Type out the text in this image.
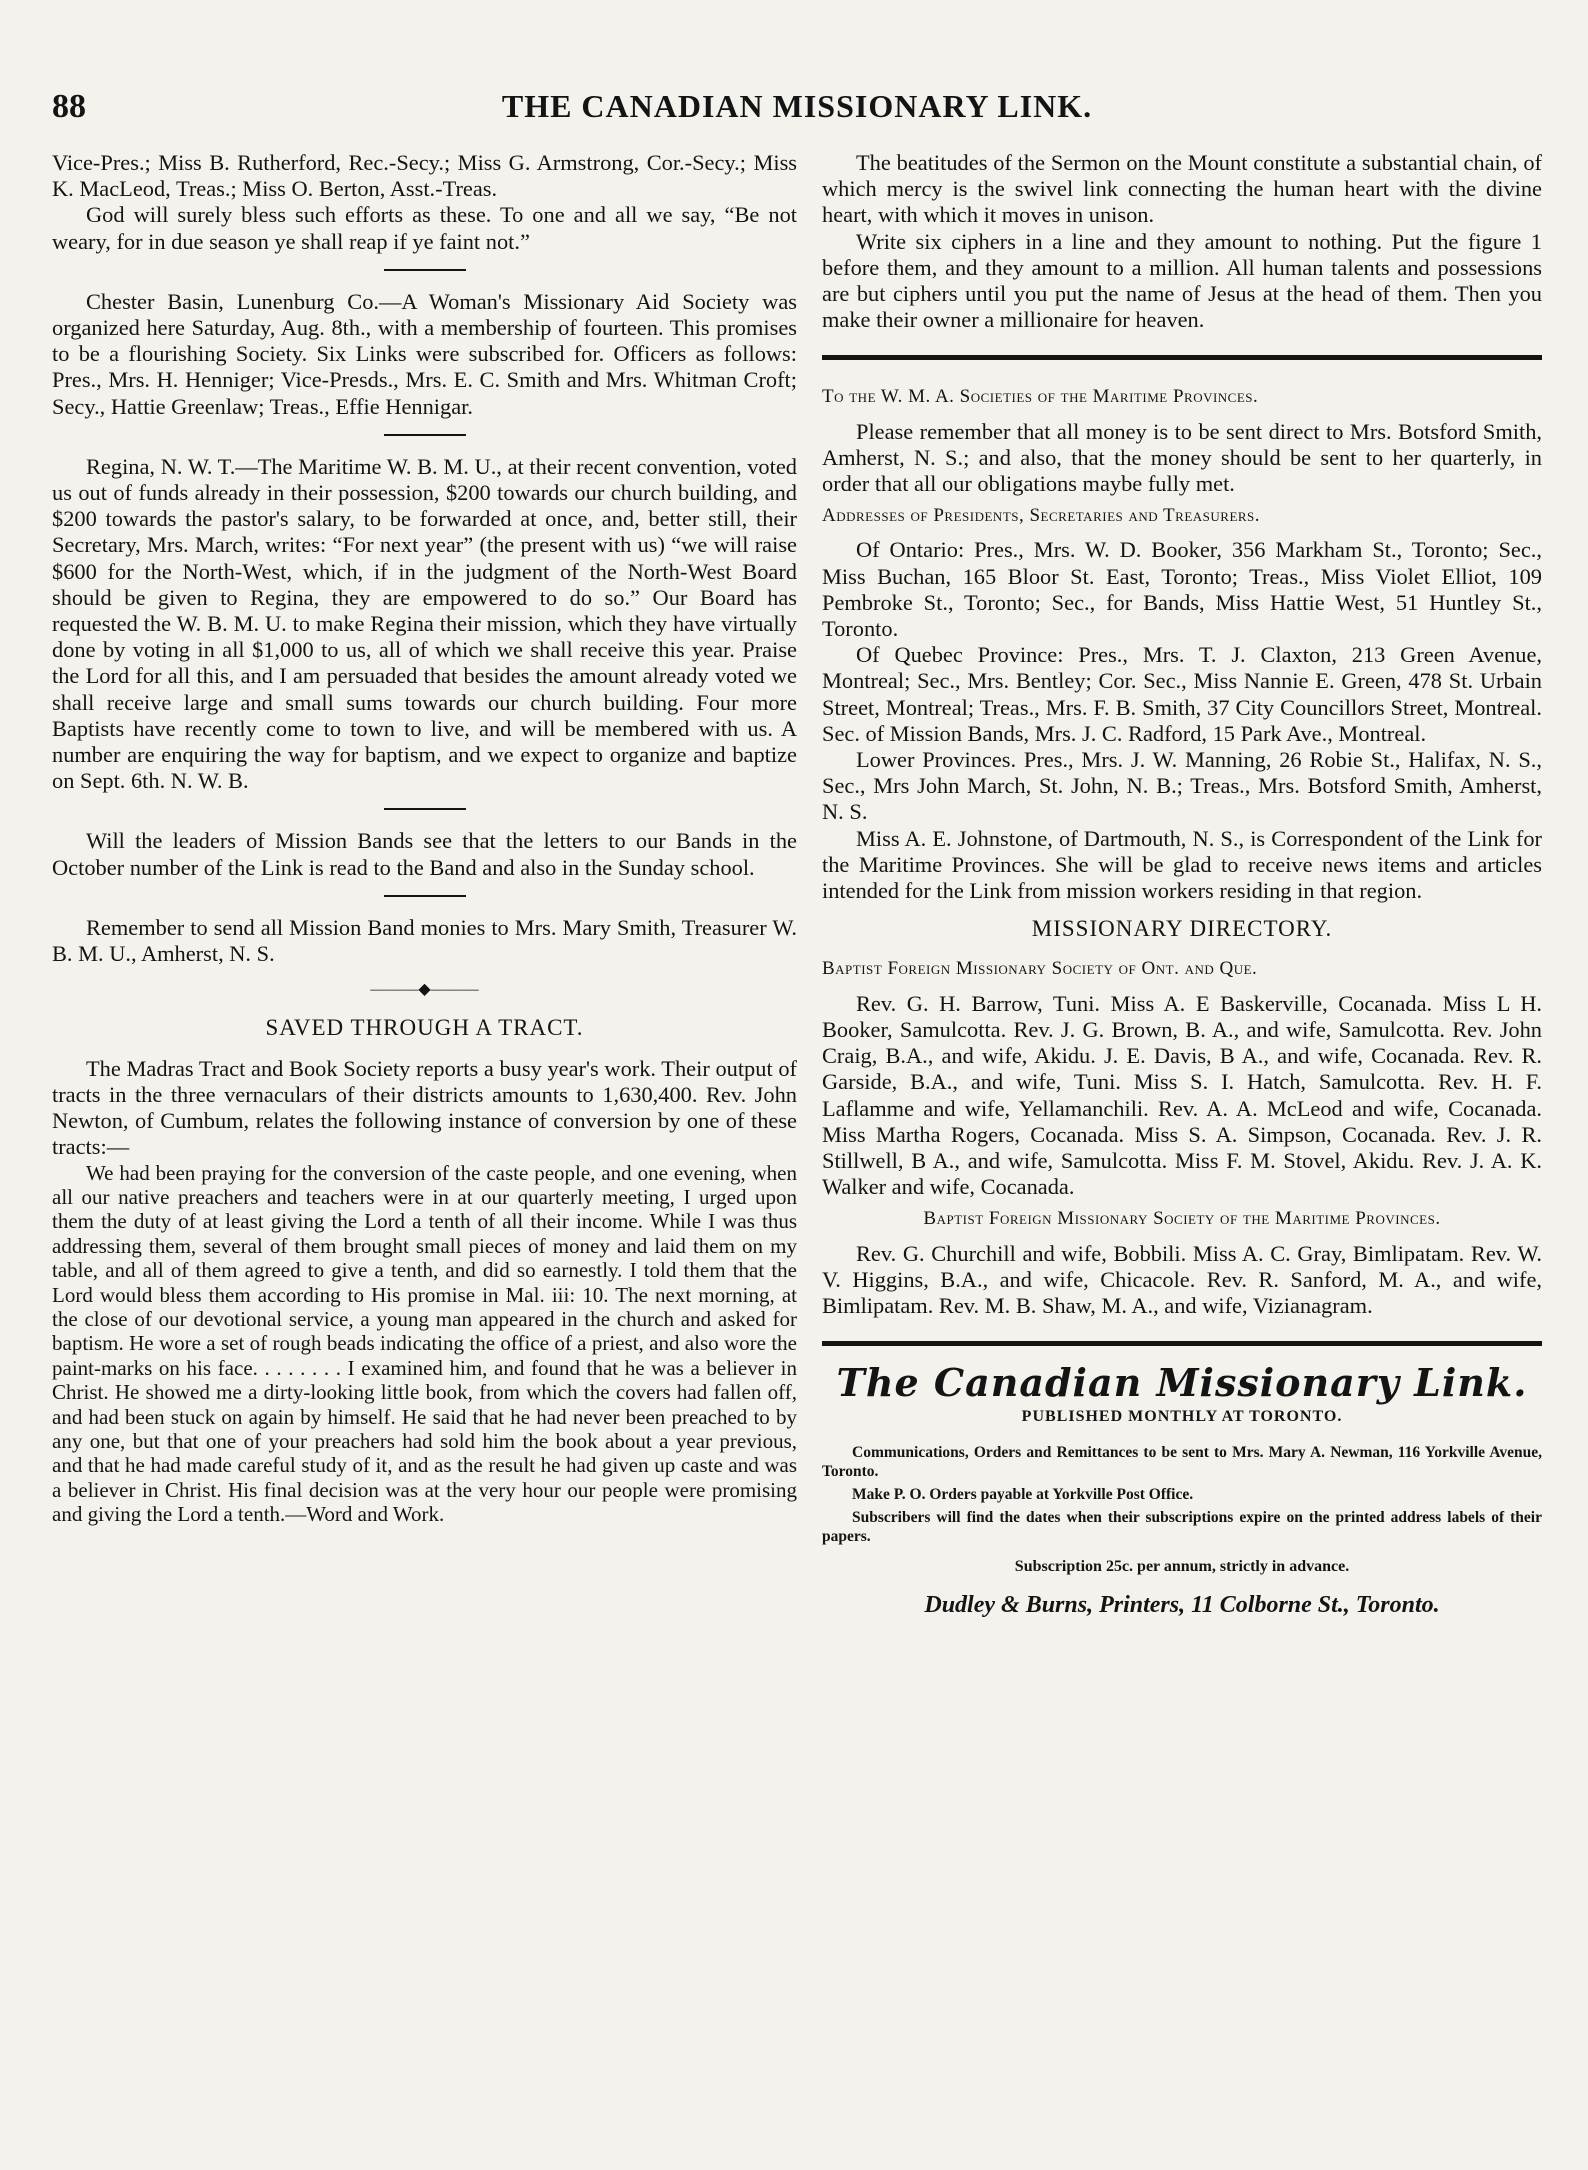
88	THE CANADIAN MISSIONARY LINK.

Vice-Pres.; Miss B. Rutherford, Rec.-Secy.; Miss G. Armstrong, Cor.-Secy.; Miss K. MacLeod, Treas.; Miss O. Berton, Asst.-Treas.

God will surely bless such efforts as these. To one and all we say, “Be not weary, for in due season ye shall reap if ye faint not.”

Chester Basin, Lunenburg Co.—A Woman's Missionary Aid Society was organized here Saturday, Aug. 8th., with a membership of fourteen. This promises to be a flourishing Society. Six Links were subscribed for. Officers as follows: Pres., Mrs. H. Henniger; Vice-Presds., Mrs. E. C. Smith and Mrs. Whitman Croft; Secy., Hattie Greenlaw; Treas., Effie Hennigar.

Regina, N. W. T.—The Maritime W. B. M. U., at their recent convention, voted us out of funds already in their possession, $200 towards our church building, and $200 towards the pastor's salary, to be forwarded at once, and, better still, their Secretary, Mrs. March, writes: “For next year” (the present with us) “we will raise $600 for the North-West, which, if in the judgment of the North-West Board should be given to Regina, they are empowered to do so.” Our Board has requested the W. B. M. U. to make Regina their mission, which they have virtually done by voting in all $1,000 to us, all of which we shall receive this year. Praise the Lord for all this, and I am persuaded that besides the amount already voted we shall receive large and small sums towards our church building. Four more Baptists have recently come to town to live, and will be membered with us. A number are enquiring the way for baptism, and we expect to organize and baptize on Sept. 6th. N. W. B.

Will the leaders of Mission Bands see that the letters to our Bands in the October number of the Link is read to the Band and also in the Sunday school.

Remember to send all Mission Band monies to Mrs. Mary Smith, Treasurer W. B. M. U., Amherst, N. S.

———◆———
SAVED THROUGH A TRACT.

The Madras Tract and Book Society reports a busy year's work. Their output of tracts in the three vernaculars of their districts amounts to 1,630,400. Rev. John Newton, of Cumbum, relates the following instance of conversion by one of these tracts:—

We had been praying for the conversion of the caste people, and one evening, when all our native preachers and teachers were in at our quarterly meeting, I urged upon them the duty of at least giving the Lord a tenth of all their income. While I was thus addressing them, several of them brought small pieces of money and laid them on my table, and all of them agreed to give a tenth, and did so earnestly. I told them that the Lord would bless them according to His promise in Mal. iii: 10. The next morning, at the close of our devotional service, a young man appeared in the church and asked for baptism. He wore a set of rough beads indicating the office of a priest, and also wore the paint-marks on his face. . . . . . . . I examined him, and found that he was a believer in Christ. He showed me a dirty-looking little book, from which the covers had fallen off, and had been stuck on again by himself. He said that he had never been preached to by any one, but that one of your preachers had sold him the book about a year previous, and that he had made careful study of it, and as the result he had given up caste and was a believer in Christ. His final decision was at the very hour our people were promising and giving the Lord a tenth.—Word and Work.

The beatitudes of the Sermon on the Mount constitute a substantial chain, of which mercy is the swivel link connecting the human heart with the divine heart, with which it moves in unison.

Write six ciphers in a line and they amount to nothing. Put the figure 1 before them, and they amount to a million. All human talents and possessions are but ciphers until you put the name of Jesus at the head of them. Then you make their owner a millionaire for heaven.

To the W. M. A. Societies of the Maritime Provinces.

Please remember that all money is to be sent direct to Mrs. Botsford Smith, Amherst, N. S.; and also, that the money should be sent to her quarterly, in order that all our obligations maybe fully met.

Addresses of Presidents, Secretaries and Treasurers.

Of Ontario: Pres., Mrs. W. D. Booker, 356 Markham St., Toronto; Sec., Miss Buchan, 165 Bloor St. East, Toronto; Treas., Miss Violet Elliot, 109 Pembroke St., Toronto; Sec., for Bands, Miss Hattie West, 51 Huntley St., Toronto.

Of Quebec Province: Pres., Mrs. T. J. Claxton, 213 Green Avenue, Montreal; Sec., Mrs. Bentley; Cor. Sec., Miss Nannie E. Green, 478 St. Urbain Street, Montreal; Treas., Mrs. F. B. Smith, 37 City Councillors Street, Montreal. Sec. of Mission Bands, Mrs. J. C. Radford, 15 Park Ave., Montreal.

Lower Provinces. Pres., Mrs. J. W. Manning, 26 Robie St., Halifax, N. S., Sec., Mrs John March, St. John, N. B.; Treas., Mrs. Botsford Smith, Amherst, N. S.

Miss A. E. Johnstone, of Dartmouth, N. S., is Correspondent of the Link for the Maritime Provinces. She will be glad to receive news items and articles intended for the Link from mission workers residing in that region.

MISSIONARY DIRECTORY.
Baptist Foreign Missionary Society of Ont. and Que.

Rev. G. H. Barrow, Tuni. Miss A. E Baskerville, Cocanada. Miss L H. Booker, Samulcotta. Rev. J. G. Brown, B. A., and wife, Samulcotta. Rev. John Craig, B.A., and wife, Akidu. J. E. Davis, B A., and wife, Cocanada. Rev. R. Garside, B.A., and wife, Tuni. Miss S. I. Hatch, Samulcotta. Rev. H. F. Laflamme and wife, Yellamanchili. Rev. A. A. McLeod and wife, Cocanada. Miss Martha Rogers, Cocanada. Miss S. A. Simpson, Cocanada. Rev. J. R. Stillwell, B A., and wife, Samulcotta. Miss F. M. Stovel, Akidu. Rev. J. A. K. Walker and wife, Cocanada.

Baptist Foreign Missionary Society of the Maritime Provinces.

Rev. G. Churchill and wife, Bobbili. Miss A. C. Gray, Bimlipatam. Rev. W. V. Higgins, B.A., and wife, Chicacole. Rev. R. Sanford, M. A., and wife, Bimlipatam. Rev. M. B. Shaw, M. A., and wife, Vizianagram.

The Canadian Missionary Link.
PUBLISHED MONTHLY AT TORONTO.

Communications, Orders and Remittances to be sent to Mrs. Mary A. Newman, 116 Yorkville Avenue, Toronto.

Make P. O. Orders payable at Yorkville Post Office.

Subscribers will find the dates when their subscriptions expire on the printed address labels of their papers.

Subscription 25c. per annum, strictly in advance.
Dudley & Burns, Printers, 11 Colborne St., Toronto.
